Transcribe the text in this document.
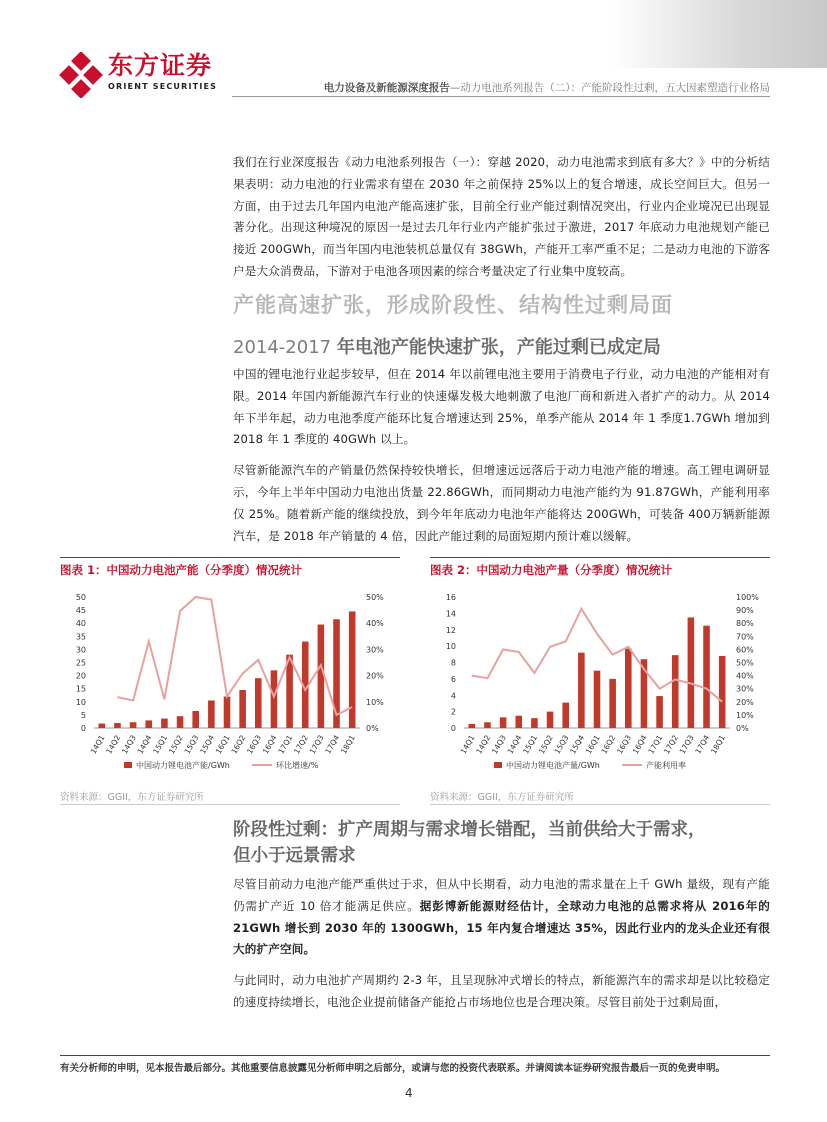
东方证券
ORIENT SECURITIES	电力设备及新能源深度报告—动力电池系列报告（二）：产能阶段性过剩，五大因素塑造行业格局

我们在行业深度报告《动力电池系列报告（一）：穿越 2020，动力电池需求到底有多大？》中的分析结果表明：动力电池的行业需求有望在 2030 年之前保持 25%以上的复合增速，成长空间巨大。但另一方面，由于过去几年国内电池产能高速扩张，目前全行业产能过剩情况突出，行业内企业境况已出现显著分化。出现这种境况的原因一是过去几年行业内产能扩张过于激进，2017 年底动力电池规划产能已接近 200GWh，而当年国内电池装机总量仅有 38GWh，产能开工率严重不足；二是动力电池的下游客户是大众消费品，下游对于电池各项因素的综合考量决定了行业集中度较高。

产能高速扩张，形成阶段性、结构性过剩局面
2014-2017 年电池产能快速扩张，产能过剩已成定局

中国的锂电池行业起步较早，但在 2014 年以前锂电池主要用于消费电子行业，动力电池的产能相对有限。2014 年国内新能源汽车行业的快速爆发极大地刺激了电池厂商和新进入者扩产的动力。从 2014 年下半年起，动力电池季度产能环比复合增速达到 25%，单季产能从 2014 年 1 季度1.7GWh 增加到 2018 年 1 季度的 40GWh 以上。

尽管新能源汽车的产销量仍然保持较快增长，但增速远远落后于动力电池产能的增速。高工锂电调研显示，今年上半年中国动力电池出货量 22.86GWh，而同期动力电池产能约为 91.87GWh，产能利用率仅 25%。随着新产能的继续投放，到今年年底动力电池年产能将达 200GWh，可装备 400万辆新能源汽车，是 2018 年产销量的 4 倍，因此产能过剩的局面短期内预计难以缓解。

图表 1：中国动力电池产能（分季度）情况统计	图表 2：中国动力电池产量（分季度）情况统计
0
5
10
15
20
25
30
35
40
45
50
0%
10%
20%
30%
40%
50%
14Q1
14Q2
14Q3
14Q4
15Q1
15Q2
15Q3
15Q4
16Q1
16Q2
16Q3
16Q4
17Q1
17Q2
17Q3
17Q4
18Q1
中国动力锂电池产能/GWh	环比增速/%
0
2
4
6
8
10
12
14
16
0%
10%
20%
30%
40%
50%
60%
70%
80%
90%
100%
14Q1
14Q2
14Q3
14Q4
15Q1
15Q2
15Q3
15Q4
16Q1
16Q2
16Q3
16Q4
17Q1
17Q2
17Q3
17Q4
18Q1
中国动力锂电池产量/GWh	产能利用率
资料来源：GGII，东方证券研究所	资料来源：GGII，东方证券研究所
阶段性过剩：扩产周期与需求增长错配，当前供给大于需求，
但小于远景需求

尽管目前动力电池产能严重供过于求，但从中长期看，动力电池的需求量在上千 GWh 量级，现有产能仍需扩产近 10 倍才能满足供应。据彭博新能源财经估计，全球动力电池的总需求将从 2016年的 21GWh 增长到 2030 年的 1300GWh，15 年内复合增速达 35%，因此行业内的龙头企业还有很大的扩产空间。

与此同时，动力电池扩产周期约 2-3 年，且呈现脉冲式增长的特点，新能源汽车的需求却是以比较稳定的速度持续增长，电池企业提前储备产能抢占市场地位也是合理决策。尽管目前处于过剩局面，

有关分析师的申明，见本报告最后部分。其他重要信息披露见分析师申明之后部分，或请与您的投资代表联系。并请阅读本证券研究报告最后一页的免责申明。
4
